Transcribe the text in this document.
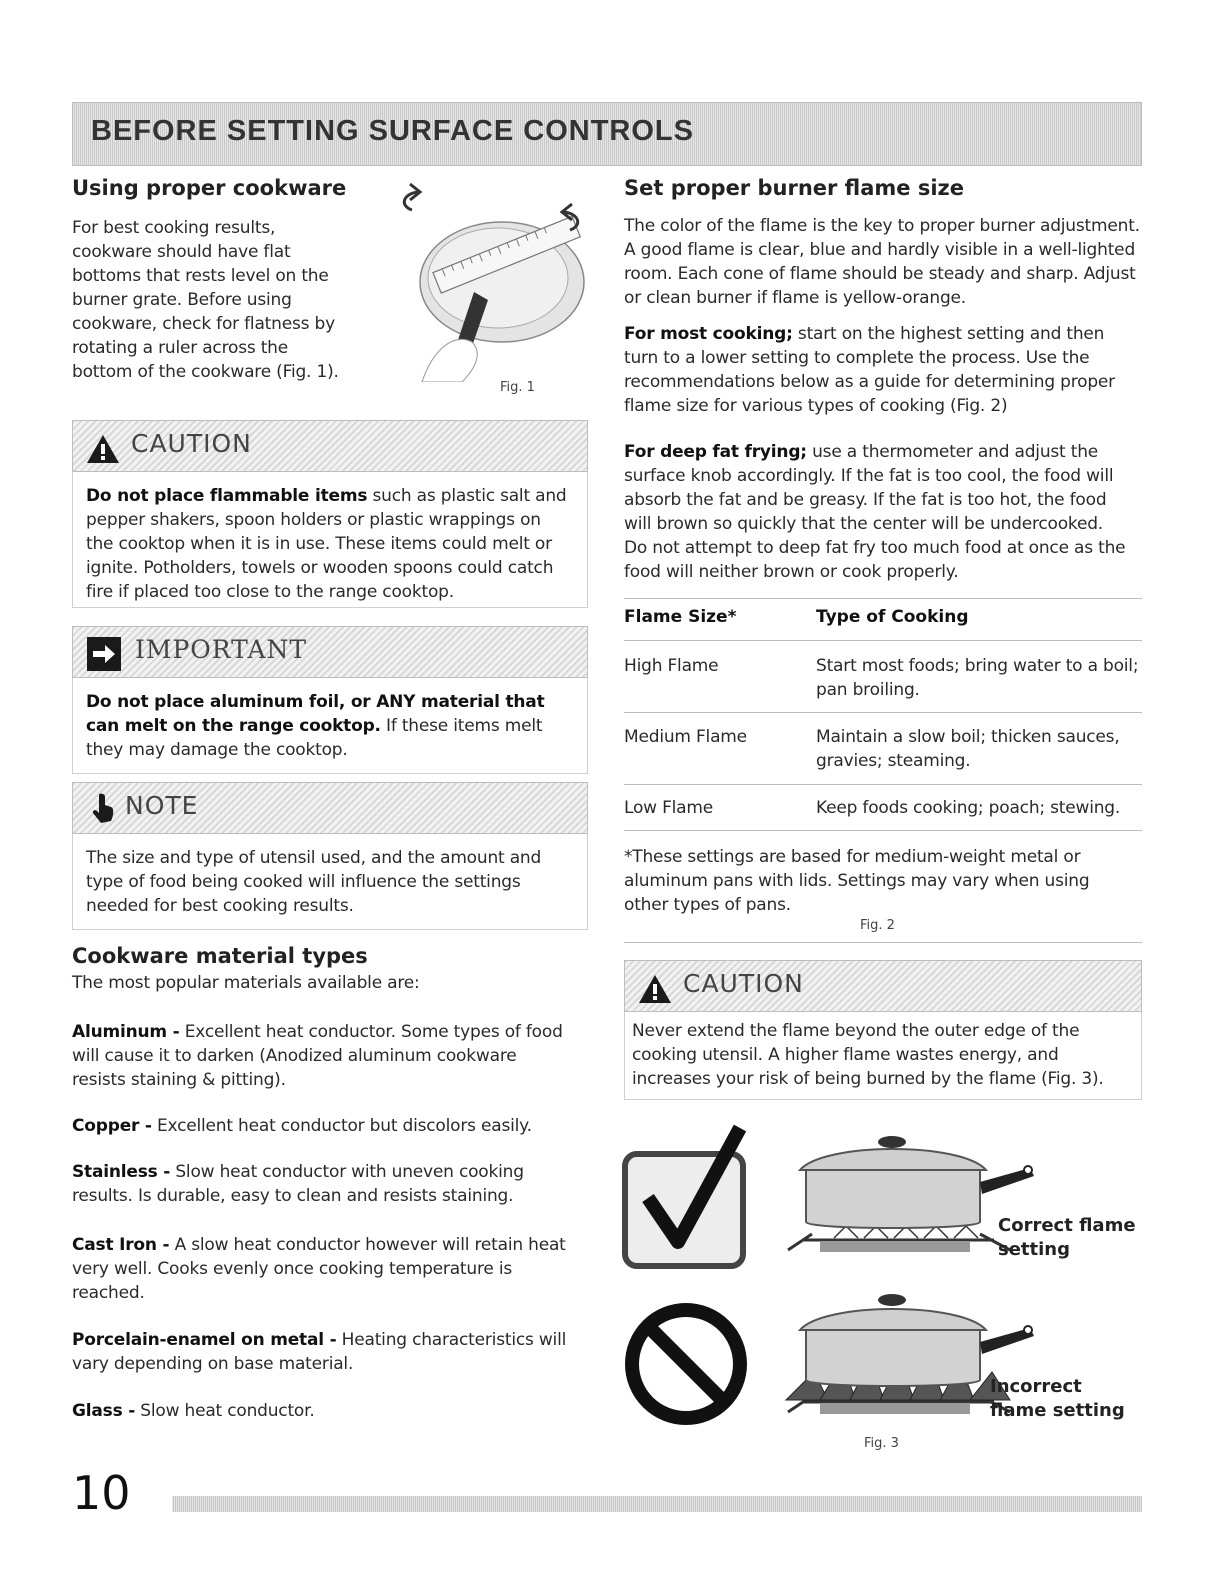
BEFORE SETTING SURFACE CONTROLS
Using proper cookware
For best cooking results,
cookware should have flat
bottoms that rests level on the
burner grate. Before using
cookware, check for flatness by
rotating a ruler across the
bottom of the cookware (Fig. 1).
Fig. 1
CAUTION
Do not place flammable items such as plastic salt and
pepper shakers, spoon holders or plastic wrappings on
the cooktop when it is in use. These items could melt or
ignite. Potholders, towels or wooden spoons could catch
fire if placed too close to the range cooktop.
IMPORTANT
Do not place aluminum foil, or ANY material that
can melt on the range cooktop. If these items melt
they may damage the cooktop.
NOTE
The size and type of utensil used, and the amount and
type of food being cooked will influence the settings
needed for best cooking results.
Cookware material types
The most popular materials available are:
Aluminum - Excellent heat conductor. Some types of food
will cause it to darken (Anodized aluminum cookware
resists staining & pitting).
Copper - Excellent heat conductor but discolors easily.
Stainless - Slow heat conductor with uneven cooking
results. Is durable, easy to clean and resists staining.
Cast Iron - A slow heat conductor however will retain heat
very well. Cooks evenly once cooking temperature is
reached.
Porcelain-enamel on metal - Heating characteristics will
vary depending on base material.
Glass - Slow heat conductor.
Set proper burner flame size
The color of the flame is the key to proper burner adjustment.
A good flame is clear, blue and hardly visible in a well-lighted
room. Each cone of flame should be steady and sharp. Adjust
or clean burner if flame is yellow-orange.
For most cooking; start on the highest setting and then
turn to a lower setting to complete the process. Use the
recommendations below as a guide for determining proper
flame size for various types of cooking (Fig. 2)
For deep fat frying; use a thermometer and adjust the
surface knob accordingly. If the fat is too cool, the food will
absorb the fat and be greasy. If the fat is too hot, the food
will brown so quickly that the center will be undercooked.
Do not attempt to deep fat fry too much food at once as the
food will neither brown or cook properly.
Flame Size*	Type of Cooking
High Flame	Start most foods; bring water to a boil;
pan broiling.
Medium Flame	Maintain a slow boil; thicken sauces,
gravies; steaming.
Low Flame	Keep foods cooking; poach; stewing.
*These settings are based for medium-weight metal or
aluminum pans with lids. Settings may vary when using
other types of pans.
Fig. 2
CAUTION
Never extend the flame beyond the outer edge of the
cooking utensil. A higher flame wastes energy, and
increases your risk of being burned by the flame (Fig. 3).
Correct flame
setting
Incorrect
flame setting
Fig. 3
10
